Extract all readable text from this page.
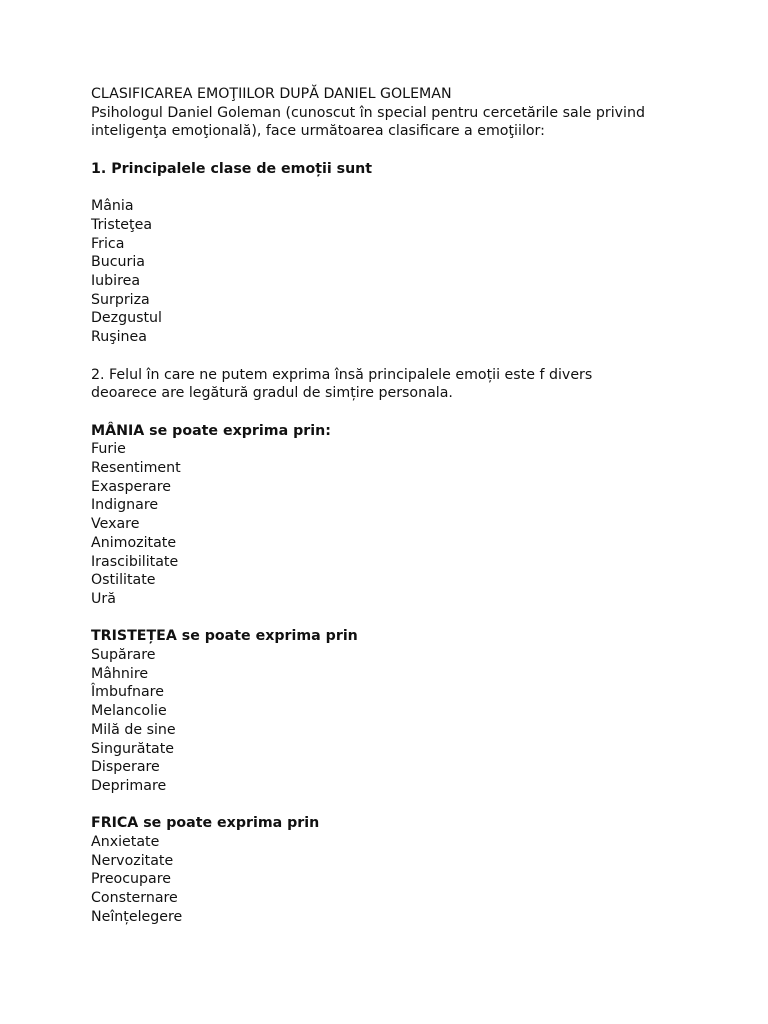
CLASIFICAREA EMOŢIILOR DUPĂ DANIEL GOLEMAN
Psihologul Daniel Goleman (cunoscut în special pentru cercetările sale privind
inteligenţa emoţională), face următoarea clasificare a emoţiilor:
1. Principalele clase de emoții sunt
Mânia
Tristeţea
Frica
Bucuria
Iubirea
Surpriza
Dezgustul
Ruşinea
2. Felul în care ne putem exprima însă principalele emoții este f divers
deoarece are legătură gradul de simțire personala.
MÂNIA se poate exprima prin:
Furie
Resentiment
Exasperare
Indignare
Vexare
Animozitate
Irascibilitate
Ostilitate
Ură
TRISTEȚEA se poate exprima prin
Supărare
Mâhnire
Îmbufnare
Melancolie
Milă de sine
Singurătate
Disperare
Deprimare
FRICA se poate exprima prin
Anxietate
Nervozitate
Preocupare
Consternare
Neînțelegere
